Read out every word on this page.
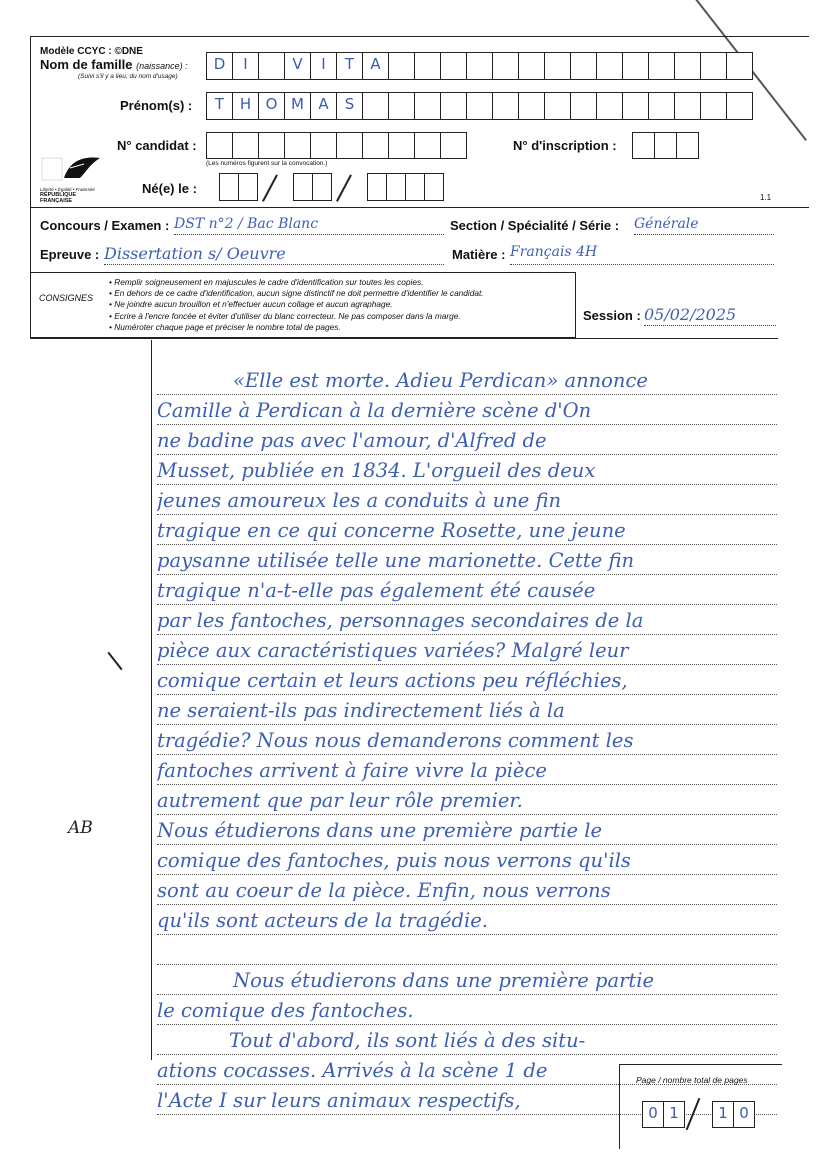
Modèle CCYC : ©DNE
Nom de famille (naissance) :
(Suivi s'il y a lieu, du nom d'usage)
D	I	V	I	T	A
Prénom(s) :	T	H O M A	S
N° candidat :
(Les numéros figurent sur la convocation.)
N° d'inscription :
Liberté • Égalité • Fraternité
RÉPUBLIQUE FRANÇAISE
Né(e) le :
1.1
Concours / Examen : DST n°2 / Bac Blanc	Section / Spécialité / Série : Générale
Epreuve : Dissertation s/ Oeuvre	Matière : Français 4H
CONSIGNES
• Remplir soigneusement en majuscules le cadre d'identification sur toutes les copies.
• En dehors de ce cadre d'identification, aucun signe distinctif ne doit permettre d'identifier le candidat.
• Ne joindre aucun brouillon et n'effectuer aucun collage et aucun agraphage.
• Ecrire à l'encre foncée et éviter d'utiliser du blanc correcteur. Ne pas composer dans la marge.
• Numéroter chaque page et préciser le nombre total de pages.
Session : 05/02/2025
«Elle est morte. Adieu Perdican» annonce
Camille à Perdican à la dernière scène d'On
ne badine pas avec l'amour, d'Alfred de
Musset, publiée en 1834. L'orgueil des deux
jeunes amoureux les a conduits à une fin
tragique en ce qui concerne Rosette, une jeune
paysanne utilisée telle une marionette. Cette fin
tragique n'a-t-elle pas également été causée
par les fantoches, personnages secondaires de la
pièce aux caractéristiques variées? Malgré leur
comique certain et leurs actions peu réfléchies,
ne seraient-ils pas indirectement liés à la
tragédie? Nous nous demanderons comment les
fantoches arrivent à faire vivre la pièce
autrement que par leur rôle premier.
Nous étudierons dans une première partie le
comique des fantoches, puis nous verrons qu'ils
sont au coeur de la pièce. Enfin, nous verrons
qu'ils sont acteurs de la tragédie.
Nous étudierons dans une première partie
le comique des fantoches.
Tout d'abord, ils sont liés à des situ-
ations cocasses. Arrivés à la scène 1 de
l'Acte I sur leurs animaux respectifs,
AB
Page / nombre total de pages
0 1	1 0
